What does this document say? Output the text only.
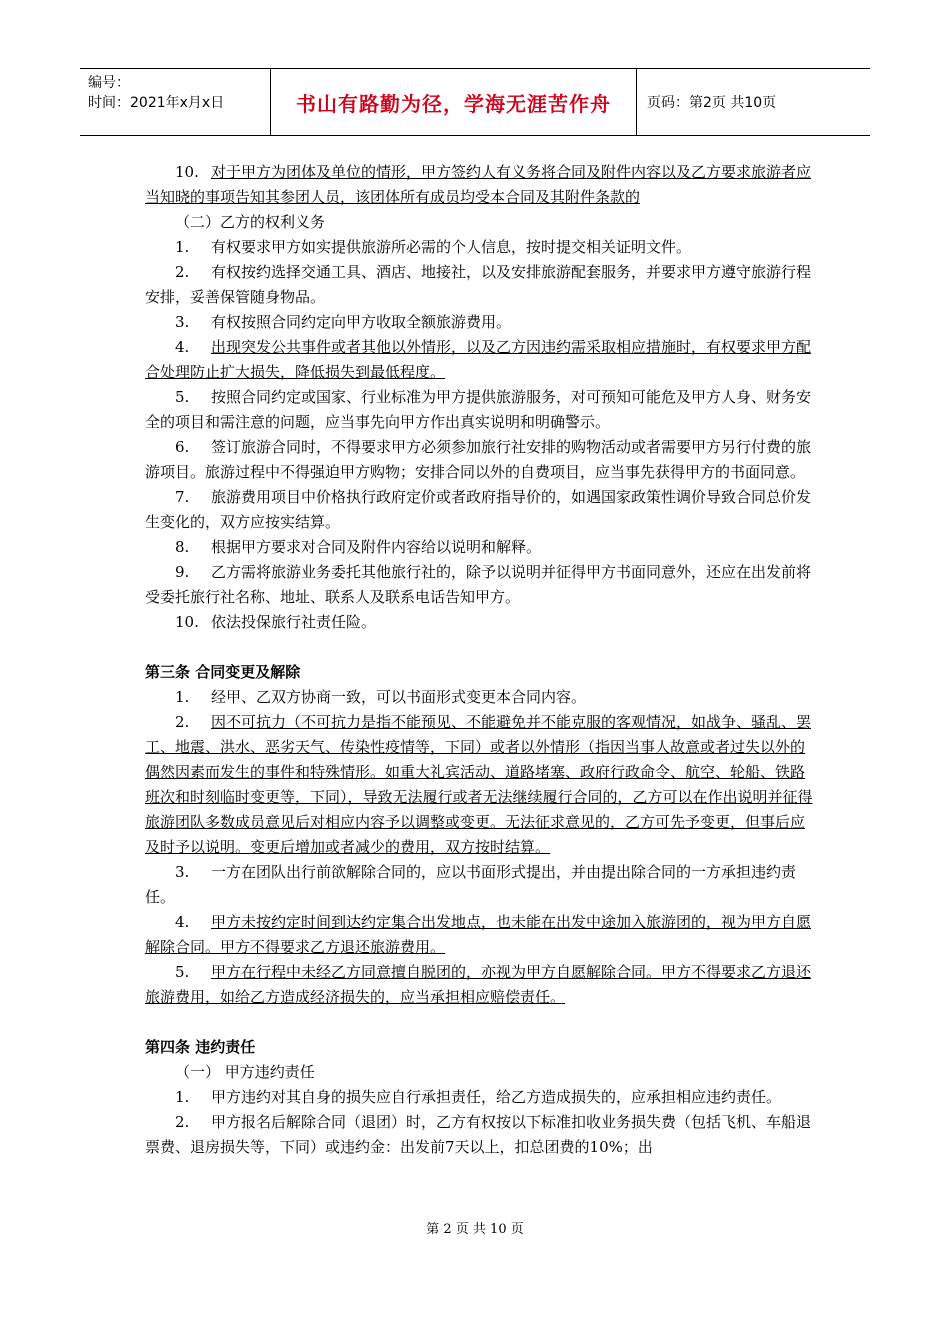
编号：
时间：2021年x月x日	书山有路勤为径，学海无涯苦作舟	页码：第2页 共10页

10. 对于甲方为团体及单位的情形，甲方签约人有义务将合同及附件内容以及乙方要求旅游者应当知晓的事项告知其参团人员，该团体所有成员均受本合同及其附件条款的

（二）乙方的权利义务

1. 有权要求甲方如实提供旅游所必需的个人信息，按时提交相关证明文件。

2. 有权按约选择交通工具、酒店、地接社，以及安排旅游配套服务，并要求甲方遵守旅游行程安排，妥善保管随身物品。

3. 有权按照合同约定向甲方收取全额旅游费用。

4. 出现突发公共事件或者其他以外情形，以及乙方因违约需采取相应措施时，有权要求甲方配合处理防止扩大损失，降低损失到最低程度。

5. 按照合同约定或国家、行业标准为甲方提供旅游服务，对可预知可能危及甲方人身、财务安全的项目和需注意的问题，应当事先向甲方作出真实说明和明确警示。

6. 签订旅游合同时，不得要求甲方必须参加旅行社安排的购物活动或者需要甲方另行付费的旅游项目。旅游过程中不得强迫甲方购物；安排合同以外的自费项目，应当事先获得甲方的书面同意。

7. 旅游费用项目中价格执行政府定价或者政府指导价的，如遇国家政策性调价导致合同总价发生变化的，双方应按实结算。

8. 根据甲方要求对合同及附件内容给以说明和解释。

9. 乙方需将旅游业务委托其他旅行社的，除予以说明并征得甲方书面同意外，还应在出发前将受委托旅行社名称、地址、联系人及联系电话告知甲方。

10. 依法投保旅行社责任险。

第三条 合同变更及解除

1. 经甲、乙双方协商一致，可以书面形式变更本合同内容。

2. 因不可抗力（不可抗力是指不能预见、不能避免并不能克服的客观情况，如战争、骚乱、罢工、地震、洪水、恶劣天气、传染性疫情等，下同）或者以外情形（指因当事人故意或者过失以外的偶然因素而发生的事件和特殊情形。如重大礼宾活动、道路堵塞、政府行政命令、航空、轮船、铁路班次和时刻临时变更等，下同），导致无法履行或者无法继续履行合同的，乙方可以在作出说明并征得旅游团队多数成员意见后对相应内容予以调整或变更。无法征求意见的，乙方可先予变更，但事后应及时予以说明。变更后增加或者减少的费用，双方按时结算。

3. 一方在团队出行前欲解除合同的，应以书面形式提出，并由提出除合同的一方承担违约责任。

4. 甲方未按约定时间到达约定集合出发地点，也未能在出发中途加入旅游团的，视为甲方自愿解除合同。甲方不得要求乙方退还旅游费用。

5. 甲方在行程中未经乙方同意擅自脱团的，亦视为甲方自愿解除合同。甲方不得要求乙方退还旅游费用，如给乙方造成经济损失的，应当承担相应赔偿责任。

第四条 违约责任

（一） 甲方违约责任

1. 甲方违约对其自身的损失应自行承担责任，给乙方造成损失的，应承担相应违约责任。

2. 甲方报名后解除合同（退团）时，乙方有权按以下标准扣收业务损失费（包括飞机、车船退票费、退房损失等，下同）或违约金：出发前7天以上，扣总团费的10%；出

第 2 页 共 10 页
